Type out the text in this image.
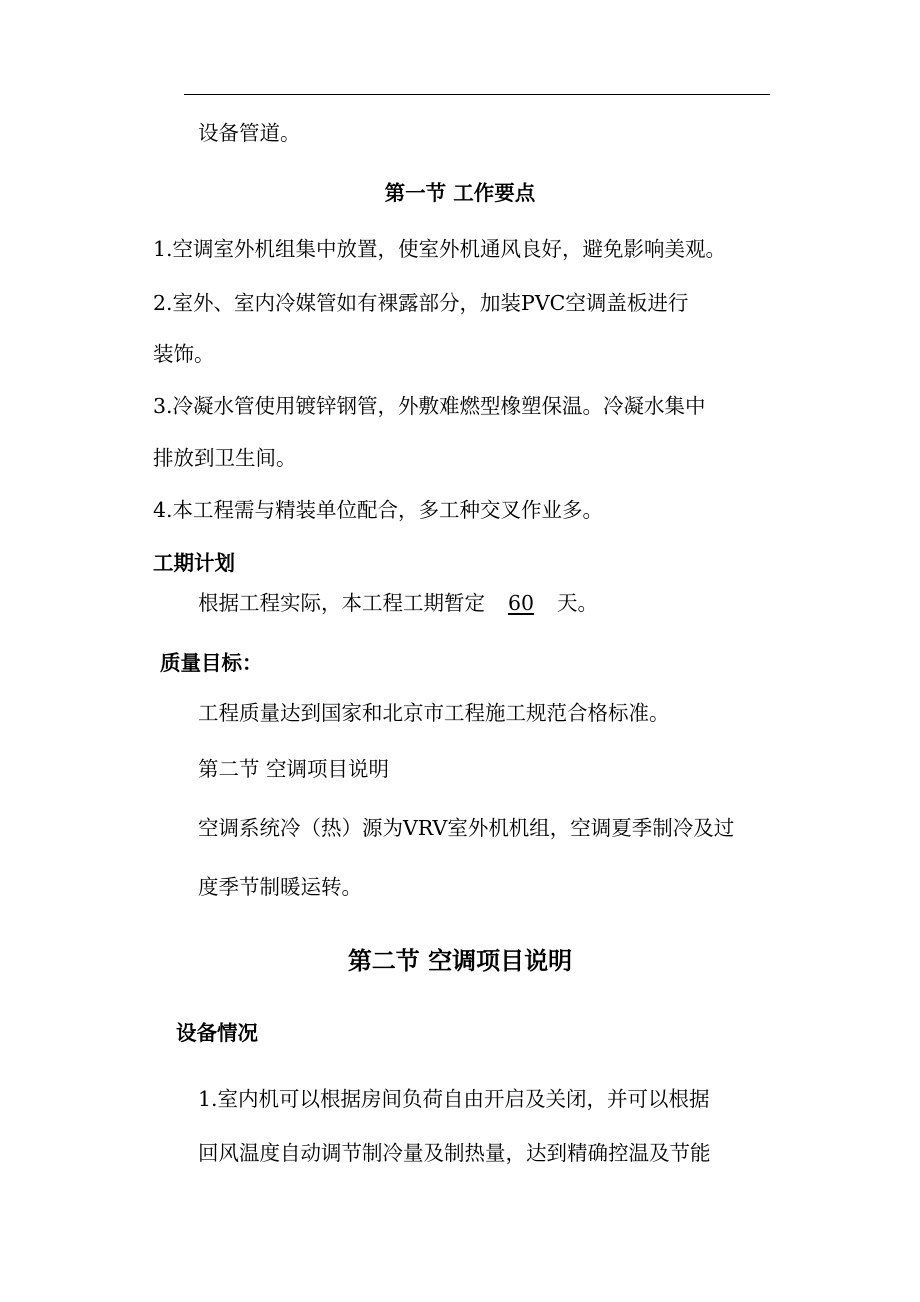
设备管道。
第一节 工作要点
1.空调室外机组集中放置，使室外机通风良好，避免影响美观。
2.室外、室内冷媒管如有裸露部分，加装PVC空调盖板进行
装饰。
3.冷凝水管使用镀锌钢管，外敷难燃型橡塑保温。冷凝水集中
排放到卫生间。
4.本工程需与精装单位配合，多工种交叉作业多。
工期计划
根据工程实际，本工程工期暂定 60 天。
质量目标：
工程质量达到国家和北京市工程施工规范合格标准。
第二节 空调项目说明
空调系统冷（热）源为VRV室外机机组，空调夏季制冷及过
度季节制暖运转。
第二节 空调项目说明
设备情况
1.室内机可以根据房间负荷自由开启及关闭，并可以根据
回风温度自动调节制冷量及制热量，达到精确控温及节能
